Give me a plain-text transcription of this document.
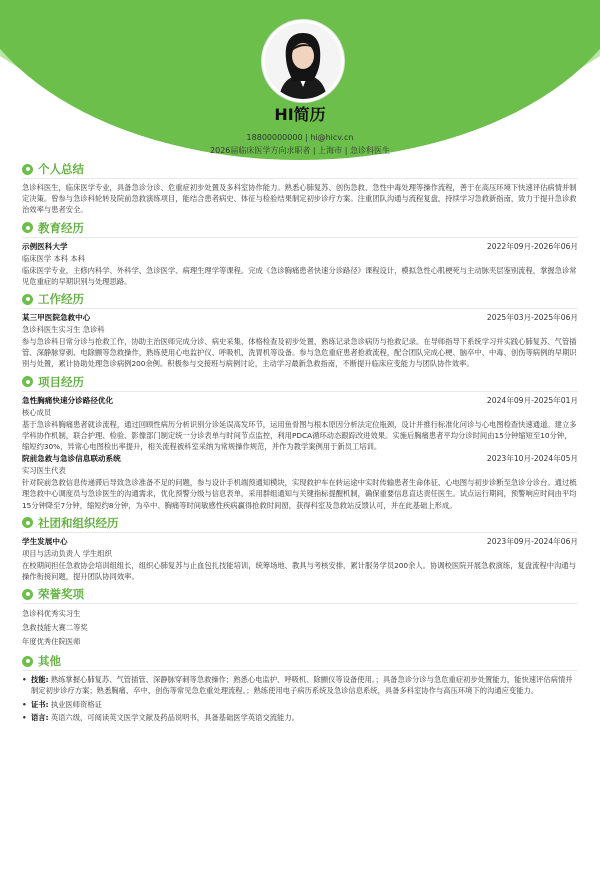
HI简历
18800000000 | hi@hicv.cn
2026届临床医学方向求职者 | 上海市 | 急诊科医生
个人总结

急诊科医生，临床医学专业，具备急诊分诊、危重症初步处置及多科室协作能力。熟悉心肺复苏、创伤急救、急性中毒处理等操作流程，善于在高压环境下快速评估病情并制定决策。曾参与急诊科轮转及院前急救演练项目，能结合患者病史、体征与检验结果制定初步诊疗方案。注重团队沟通与流程复盘，持续学习急救新指南，致力于提升急诊救治效率与患者安全。

教育经历
示例医科大学	2022年09月-2026年06月
临床医学 本科 本科

临床医学专业，主修内科学、外科学、急诊医学、病理生理学等课程。完成《急诊胸痛患者快速分诊路径》课程设计，模拟急性心肌梗死与主动脉夹层鉴别流程，掌握急诊常见危重症的早期识别与处理思路。

工作经历
某三甲医院急救中心	2025年03月-2025年06月
急诊科医生实习生 急诊科

参与急诊科日常分诊与抢救工作，协助主治医师完成分诊、病史采集、体格检查及初步处置，熟练记录急诊病历与抢救记录。在导师指导下系统学习并实践心肺复苏、气管插管、深静脉穿刺、电除颤等急救操作，熟练使用心电监护仪、呼吸机、洗胃机等设备。参与急危重症患者抢救流程，配合团队完成心梗、脑卒中、中毒、创伤等病例的早期识别与处置，累计协助处理急诊病例200余例。积极参与交接班与病例讨论，主动学习最新急救指南，不断提升临床应变能力与团队协作效率。

项目经历
急性胸痛快速分诊路径优化	2024年09月-2025年01月
核心成员

基于急诊科胸痛患者就诊流程，通过回顾性病历分析识别分诊延误高发环节，运用鱼骨图与根本原因分析法定位瓶颈，设计并推行标准化问诊与心电图检查快速通道。建立多学科协作机制，联合护理、检验、影像部门制定统一分诊表单与时间节点监控，利用PDCA循环动态跟踪改进效果。实施后胸痛患者平均分诊时间由15分钟缩短至10分钟，缩短约30%，异常心电图检出率提升，相关流程被科室采纳为常规操作规范，并作为教学案例用于新员工培训。

院前急救与急诊信息联动系统	2023年10月-2024年05月
实习医生代表

针对院前急救信息传递滞后导致急诊准备不足的问题，参与设计手机端预通知模块，实现救护车在转运途中实时传输患者生命体征、心电图与初步诊断至急诊分诊台。通过梳理急救中心调度员与急诊医生的沟通需求，优化预警分级与信息表单，采用群组通知与关键指标提醒机制，确保重要信息直达责任医生。试点运行期间，预警响应时间由平均15分钟降至7分钟，缩短约8分钟，为卒中、胸痛等时间敏感性疾病赢得抢救时间窗，获得科室及急救站反馈认可，并在此基础上形成。

社团和组织经历
学生发展中心	2023年09月-2024年06月
项目与活动负责人 学生组织

在校期间担任急救协会培训组组长，组织心肺复苏与止血包扎技能培训，统筹场地、教具与考核安排，累计服务学员200余人。协调校医院开展急救演练，复盘流程中沟通与操作衔接问题，提升团队协同效率。

荣誉奖项
急诊科优秀实习生
急救技能大赛二等奖
年度优秀住院医师
其他
• 技能: 熟练掌握心肺复苏、气管插管、深静脉穿刺等急救操作；熟悉心电监护、呼吸机、除颤仪等设备使用。；具备急诊分诊与急危重症初步处置能力，能快速评估病情并制定初步诊疗方案；熟悉胸痛、卒中、创伤等常见急危重处理流程。；熟练使用电子病历系统及急诊信息系统，具备多科室协作与高压环境下的沟通应变能力。
• 证书: 执业医师资格证
• 语言: 英语六级，可阅读英文医学文献及药品说明书，具备基础医学英语交流能力。
